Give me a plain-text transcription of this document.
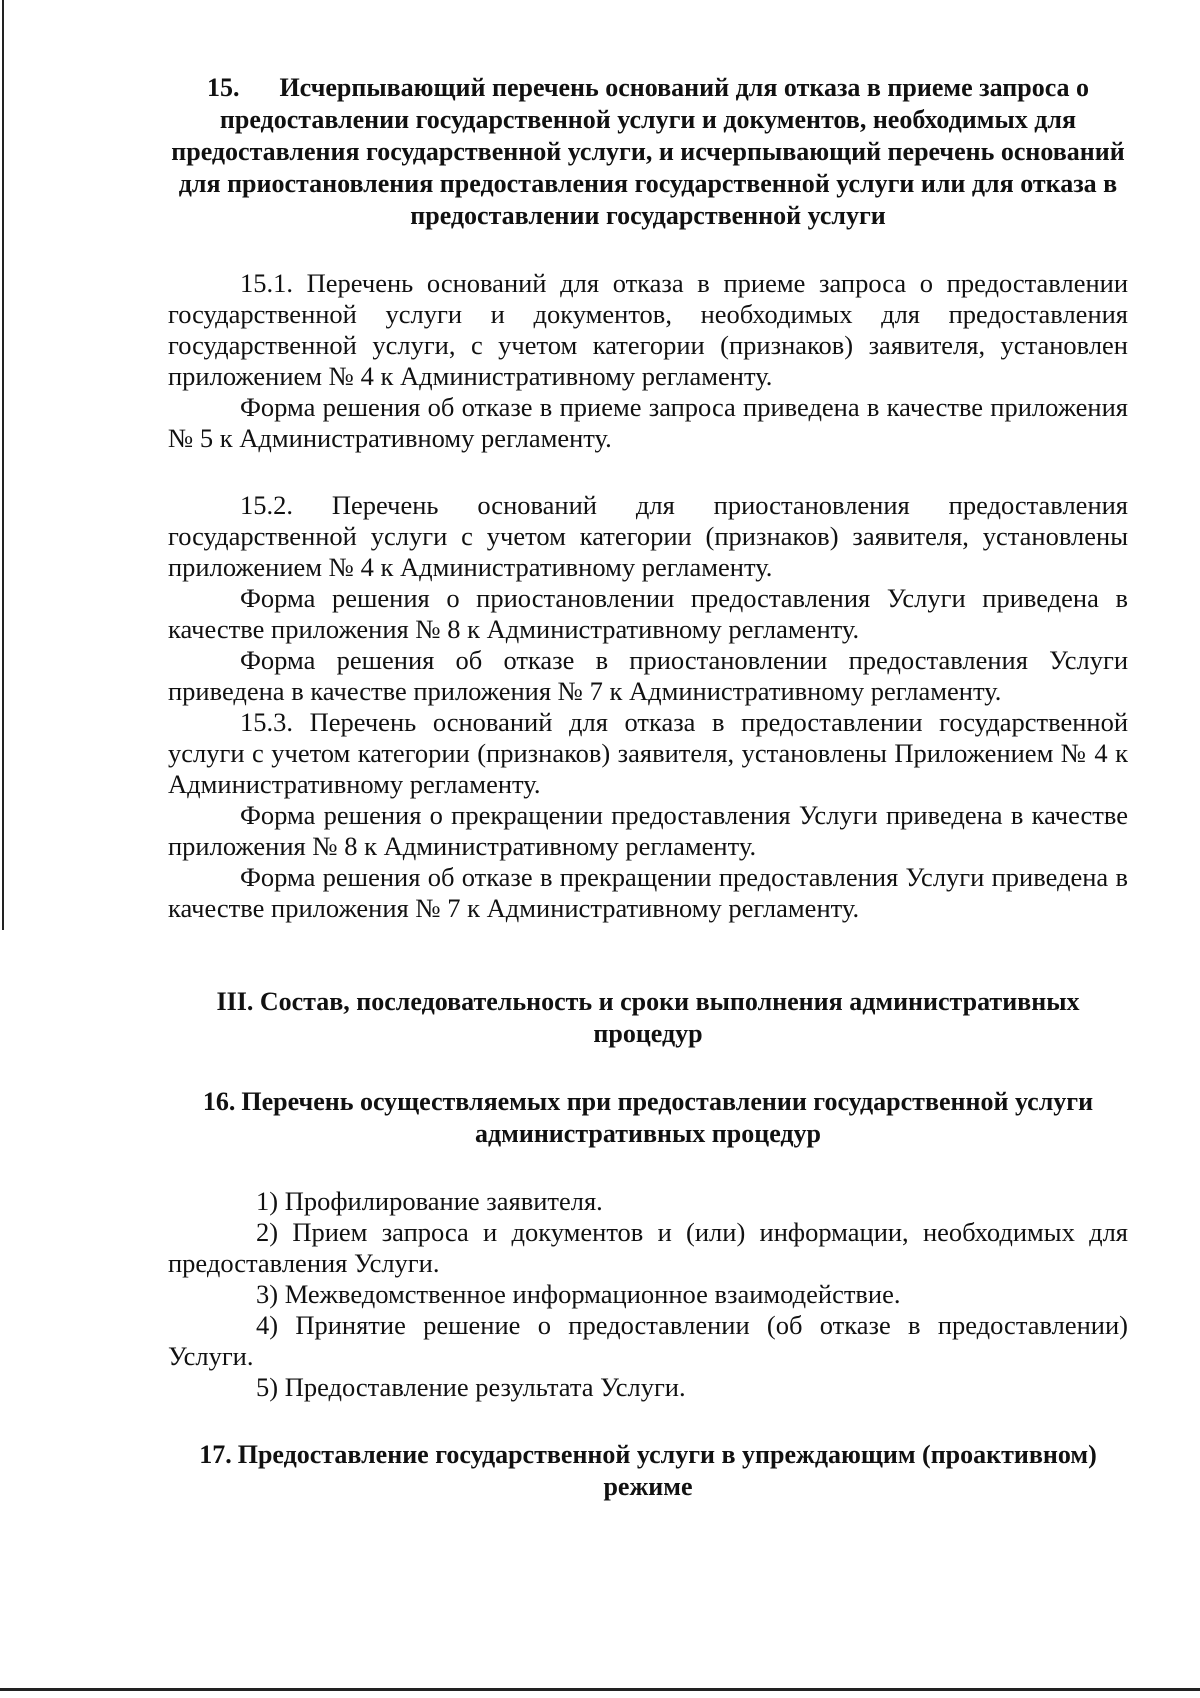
15. Исчерпывающий перечень оснований для отказа в приеме запроса о предоставлении государственной услуги и документов, необходимых для предоставления государственной услуги, и исчерпывающий перечень оснований для приостановления предоставления государственной услуги или для отказа в предоставлении государственной услуги

15.1. Перечень оснований для отказа в приеме запроса о предоставлении государственной услуги и документов, необходимых для предоставления государственной услуги, с учетом категории (признаков) заявителя, установлен приложением № 4 к Административному регламенту.

Форма решения об отказе в приеме запроса приведена в качестве приложения № 5 к Административному регламенту.

15.2. Перечень оснований для приостановления предоставления государственной услуги с учетом категории (признаков) заявителя, установлены приложением № 4 к Административному регламенту.

Форма решения о приостановлении предоставления Услуги приведена в качестве приложения № 8 к Административному регламенту.

Форма решения об отказе в приостановлении предоставления Услуги приведена в качестве приложения № 7 к Административному регламенту.

15.3. Перечень оснований для отказа в предоставлении государственной услуги с учетом категории (признаков) заявителя, установлены Приложением № 4 к Административному регламенту.

Форма решения о прекращении предоставления Услуги приведена в качестве приложения № 8 к Административному регламенту.

Форма решения об отказе в прекращении предоставления Услуги приведена в качестве приложения № 7 к Административному регламенту.

III. Состав, последовательность и сроки выполнения административных процедур
16. Перечень осуществляемых при предоставлении государственной услуги административных процедур

1) Профилирование заявителя.

2) Прием запроса и документов и (или) информации, необходимых для предоставления Услуги.

3) Межведомственное информационное взаимодействие.

4) Принятие решение о предоставлении (об отказе в предоставлении) Услуги.

5) Предоставление результата Услуги.

17. Предоставление государственной услуги в упреждающим (проактивном) режиме
